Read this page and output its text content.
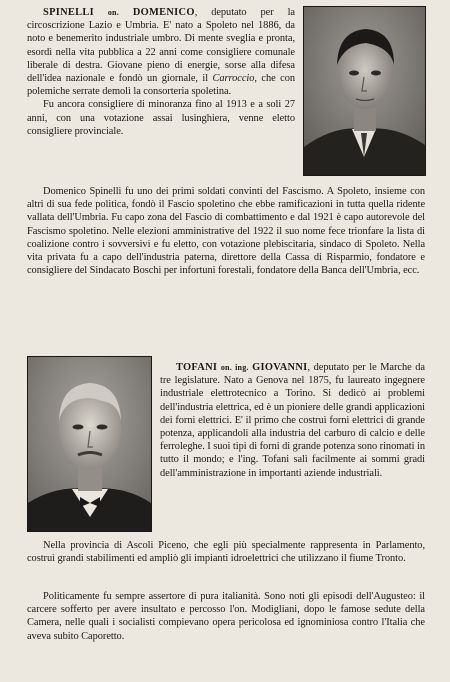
SPINELLI on. DOMENICO, deputato per la circoscrizione Lazio e Umbria. E' nato a Spoleto nel 1886, da noto e benemerito industriale umbro. Di mente sveglia e pronta, esordì nella vita pubblica a 22 anni come consigliere comunale liberale di destra. Giovane pieno di energie, sorse alla difesa dell'idea nazionale e fondò un giornale, il Carroccio, che con polemiche serrate demolì la consorteria spoletina.

Fu ancora consigliere di minoranza fino al 1913 e a soli 27 anni, con una votazione assai lusinghiera, venne eletto consigliere provinciale.

Domenico Spinelli fu uno dei primi soldati convinti del Fascismo. A Spoleto, insieme con altri di sua fede politica, fondò il Fascio spoletino che ebbe ramificazioni in tutta quella ridente vallata dell'Umbria. Fu capo zona del Fascio di combattimento e dal 1921 è capo autorevole del Fascismo spoletino. Nelle elezioni amministrative del 1922 il suo nome fece trionfare la lista di coalizione contro i sovversivi e fu eletto, con votazione plebiscitaria, sindaco di Spoleto. Nella vita privata fu a capo dell'industria paterna, direttore della Cassa di Risparmio, fondatore e consigliere del Sindacato Boschi per infortuni forestali, fondatore della Banca dell'Umbria, ecc.

TOFANI on. ing. GIOVANNI, deputato per le Marche da tre legislature. Nato a Genova nel 1875, fu laureato ingegnere industriale elettrotecnico a Torino. Si dedicò ai problemi dell'industria elettrica, ed è un pioniere delle grandi applicazioni dei forni elettrici. E' il primo che costruì forni elettrici di grande potenza, applicandoli alla industria del carburo di calcio e delle ferroleghe. I suoi tipi di forni di grande potenza sono rinomati in tutto il mondo; e l'ing. Tofani salì facilmente ai sommi gradi dell'amministrazione in importanti aziende industriali.

Nella provincia di Ascoli Piceno, che egli più specialmente rappresenta in Parlamento, costruì grandi stabilimenti ed ampliò gli impianti idroelettrici che utilizzano il fiume Tronto.

Politicamente fu sempre assertore di pura italianità. Sono noti gli episodi dell'Augusteo: il carcere sofferto per avere insultato e percosso l'on. Modigliani, dopo le famose sedute della Camera, nelle quali i socialisti compievano opera pericolosa ed ignominiosa contro l'Italia che aveva subito Caporetto.
